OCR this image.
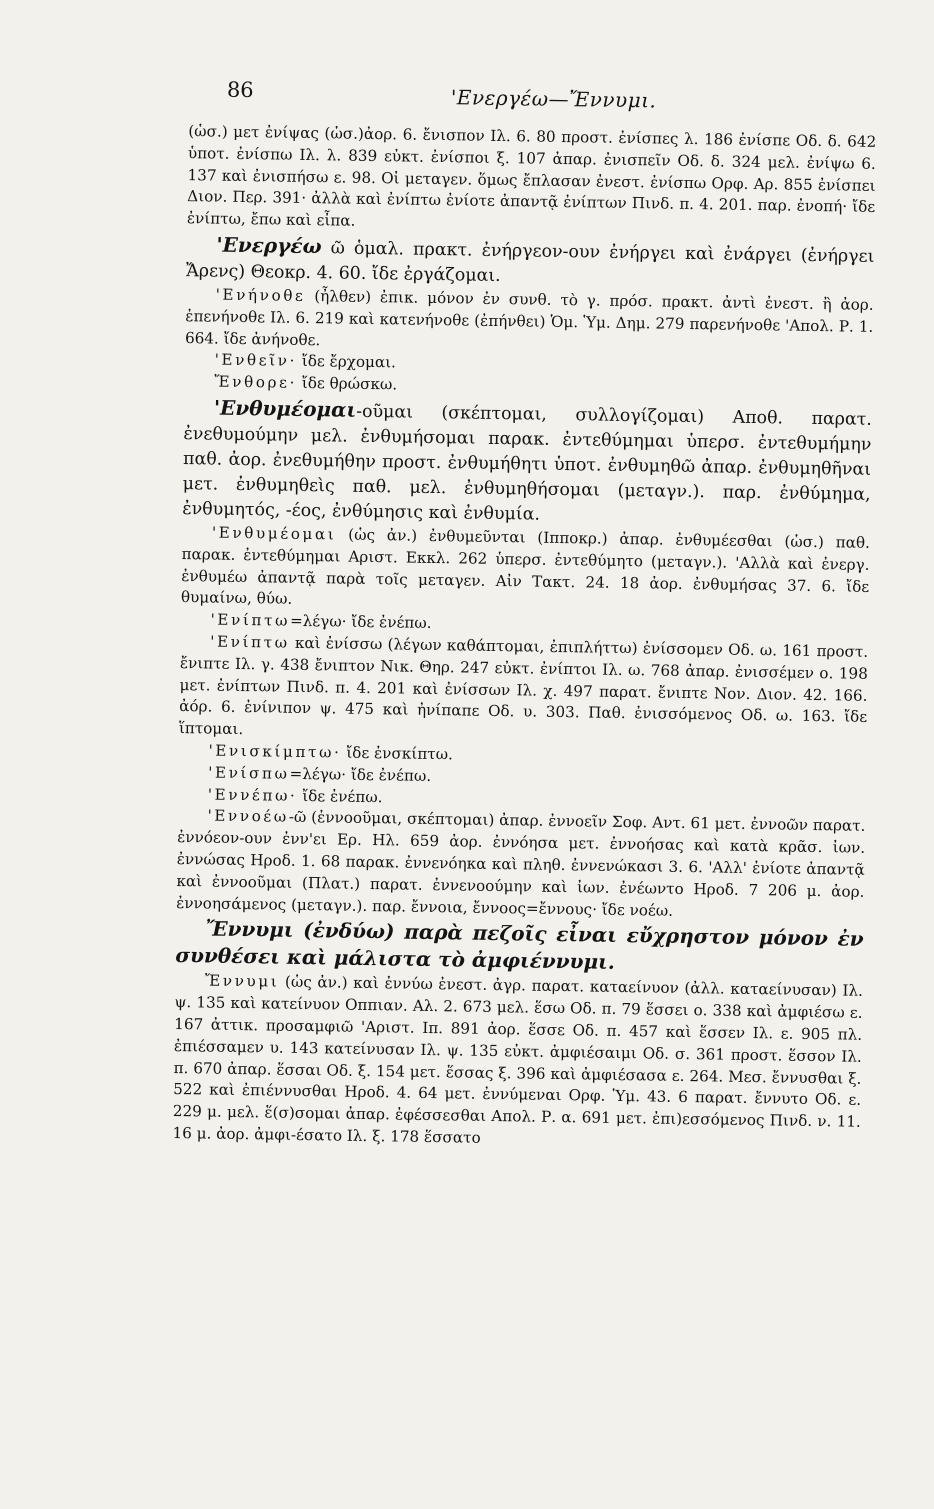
86	'Ενεργέω—Ἔννυμι.

(ὡσ.) μετ ἐνίψας (ὡσ.)ἀορ. 6. ἔνισπον Ιλ. 6. 80 προστ. ἐνίσπες λ. 186 ἐνίσπε Οδ. δ. 642 ὑποτ. ἐνίσπω Ιλ. λ. 839 εὐκτ. ἐνίσποι ξ. 107 ἀπαρ. ἐνισπεῖν Οδ. δ. 324 μελ. ἐνίψω 6. 137 καὶ ἐνισπήσω ε. 98. Οἱ μεταγεν. ὅμως ἔπλασαν ἐνεστ. ἐνίσπω Ορφ. Αρ. 855 ἐνίσπει Διον. Περ. 391· ἀλλὰ καὶ ἐνίπτω ἐνίοτε ἀπαντᾷ ἐνίπτων Πινδ. π. 4. 201. παρ. ἐνοπή· ἴδε ἐνίπτω, ἔπω καὶ εἶπα.

'Ενεργέω ῶ ὁμαλ. πρακτ. ἐνήργεον-ουν ἐνήργει καὶ ἐνάργει (ἐνήργει Ἄρενς) Θεοκρ. 4. 60. ἴδε ἐργάζομαι.

'Ενήνοθε (ἦλθεν) ἐπικ. μόνον ἐν συνθ. τὸ γ. πρόσ. πρακτ. ἀντὶ ἐνεστ. ἢ ἀορ. ἐπενήνοθε Ιλ. 6. 219 καὶ κατενήνοθε (ἐπήνθει) Ὁμ. Ὑμ. Δημ. 279 παρενήνοθε 'Απολ. Ρ. 1. 664. ἴδε ἀνήνοθε.

'Ενθεῖν· ἴδε ἔρχομαι.

Ἔνθορε· ἴδε θρώσκω.

'Ενθυμέομαι-οῦμαι (σκέπτομαι, συλλογίζομαι) Αποθ. παρατ. ἐνεθυμούμην μελ. ἐνθυμήσομαι παρακ. ἐντεθύμημαι ὑπερσ. ἐντεθυμήμην παθ. ἀορ. ἐνεθυμήθην προστ. ἐνθυμήθητι ὑποτ. ἐνθυμηθῶ ἀπαρ. ἐνθυμηθῆναι μετ. ἐνθυμηθεὶς παθ. μελ. ἐνθυμηθήσομαι (μεταγν.). παρ. ἐνθύμημα, ἐνθυμητός, -έος, ἐνθύμησις καὶ ἐνθυμία.

'Ενθυμέομαι (ὡς ἀν.) ἐνθυμεῦνται (Ιπποκρ.) ἀπαρ. ἐνθυμέεσθαι (ὡσ.) παθ. παρακ. ἐντεθύμημαι Αριστ. Εκκλ. 262 ὑπερσ. ἐντεθύμητο (μεταγν.). 'Αλλὰ καὶ ἐνεργ. ἐνθυμέω ἀπαντᾷ παρὰ τοῖς μεταγεν. Αἰν Τακτ. 24. 18 ἀορ. ἐνθυμήσας 37. 6. ἴδε θυμαίνω, θύω.

'Ενίπτω=λέγω· ἴδε ἐνέπω.

'Ενίπτω καὶ ἐνίσσω (λέγων καθάπτομαι, ἐπιπλήττω) ἐνίσσομεν Οδ. ω. 161 προστ. ἔνιπτε Ιλ. γ. 438 ἔνιπτον Νικ. Θηρ. 247 εὐκτ. ἐνίπτοι Ιλ. ω. 768 ἀπαρ. ἐνισσέμεν ο. 198 μετ. ἐνίπτων Πινδ. π. 4. 201 καὶ ἐνίσσων Ιλ. χ. 497 παρατ. ἔνιπτε Νον. Διον. 42. 166. ἀόρ. 6. ἐνίνιπον ψ. 475 καὶ ἠνίπαπε Οδ. υ. 303. Παθ. ἐνισσόμενος Οδ. ω. 163. ἴδε ἵπτομαι.

'Ενισκίμπτω· ἴδε ἐνσκίπτω.

'Ενίσπω=λέγω· ἴδε ἐνέπω.

'Εννέπω· ἴδε ἐνέπω.

'Εννοέω-ῶ (ἐννοοῦμαι, σκέπτομαι) ἀπαρ. ἐννοεῖν Σοφ. Αντ. 61 μετ. ἐννοῶν παρατ. ἐννόεον-ουν ἐνν'ει Ερ. Ηλ. 659 ἀορ. ἐννόησα μετ. ἐννοήσας καὶ κατὰ κρᾶσ. ἰων. ἐννώσας Ηροδ. 1. 68 παρακ. ἐννενόηκα καὶ πληθ. ἐννενώκασι 3. 6. 'Αλλ' ἐνίοτε ἀπαντᾷ καὶ ἐννοοῦμαι (Πλατ.) παρατ. ἐννενοούμην καὶ ἰων. ἐνέωντο Ηροδ. 7 206 μ. ἀορ. ἐννοησάμενος (μεταγν.). παρ. ἔννοια, ἔννοος=ἔννους· ἴδε νοέω.

Ἔννυμι (ἐνδύω) παρὰ πεζοῖς εἶναι εὔχρηστον μόνον ἐν συνθέσει καὶ μάλιστα τὸ ἀμφιέννυμι.

Ἔννυμι (ὡς ἀν.) καὶ ἐννύω ἐνεστ. ἀγρ. παρατ. καταείνυον (ἀλλ. καταείνυσαν) Ιλ. ψ. 135 καὶ κατείνυον Οππιαν. Αλ. 2. 673 μελ. ἕσω Οδ. π. 79 ἕσσει ο. 338 καὶ ἀμφιέσω ε. 167 ἀττικ. προσαμφιῶ 'Αριστ. Ιπ. 891 ἀορ. ἕσσε Οδ. π. 457 καὶ ἕσσεν Ιλ. ε. 905 πλ. ἐπιέσσαμεν υ. 143 κατείνυσαν Ιλ. ψ. 135 εὐκτ. ἀμφιέσαιμι Οδ. σ. 361 προστ. ἕσσον Ιλ. π. 670 ἀπαρ. ἕσσαι Οδ. ξ. 154 μετ. ἕσσας ξ. 396 καὶ ἀμφιέσασα ε. 264. Μεσ. ἔννυσθαι ξ. 522 καὶ ἐπιέννυσθαι Ηροδ. 4. 64 μετ. ἐννύμεναι Ορφ. Ὑμ. 43. 6 παρατ. ἔννυτο Οδ. ε. 229 μ. μελ. ἕ(σ)σομαι ἀπαρ. ἐφέσσεσθαι Απολ. Ρ. α. 691 μετ. ἐπι)εσσόμενος Πινδ. ν. 11. 16 μ. ἀορ. ἀμφι-έσατο Ιλ. ξ. 178 ἕσσατο
